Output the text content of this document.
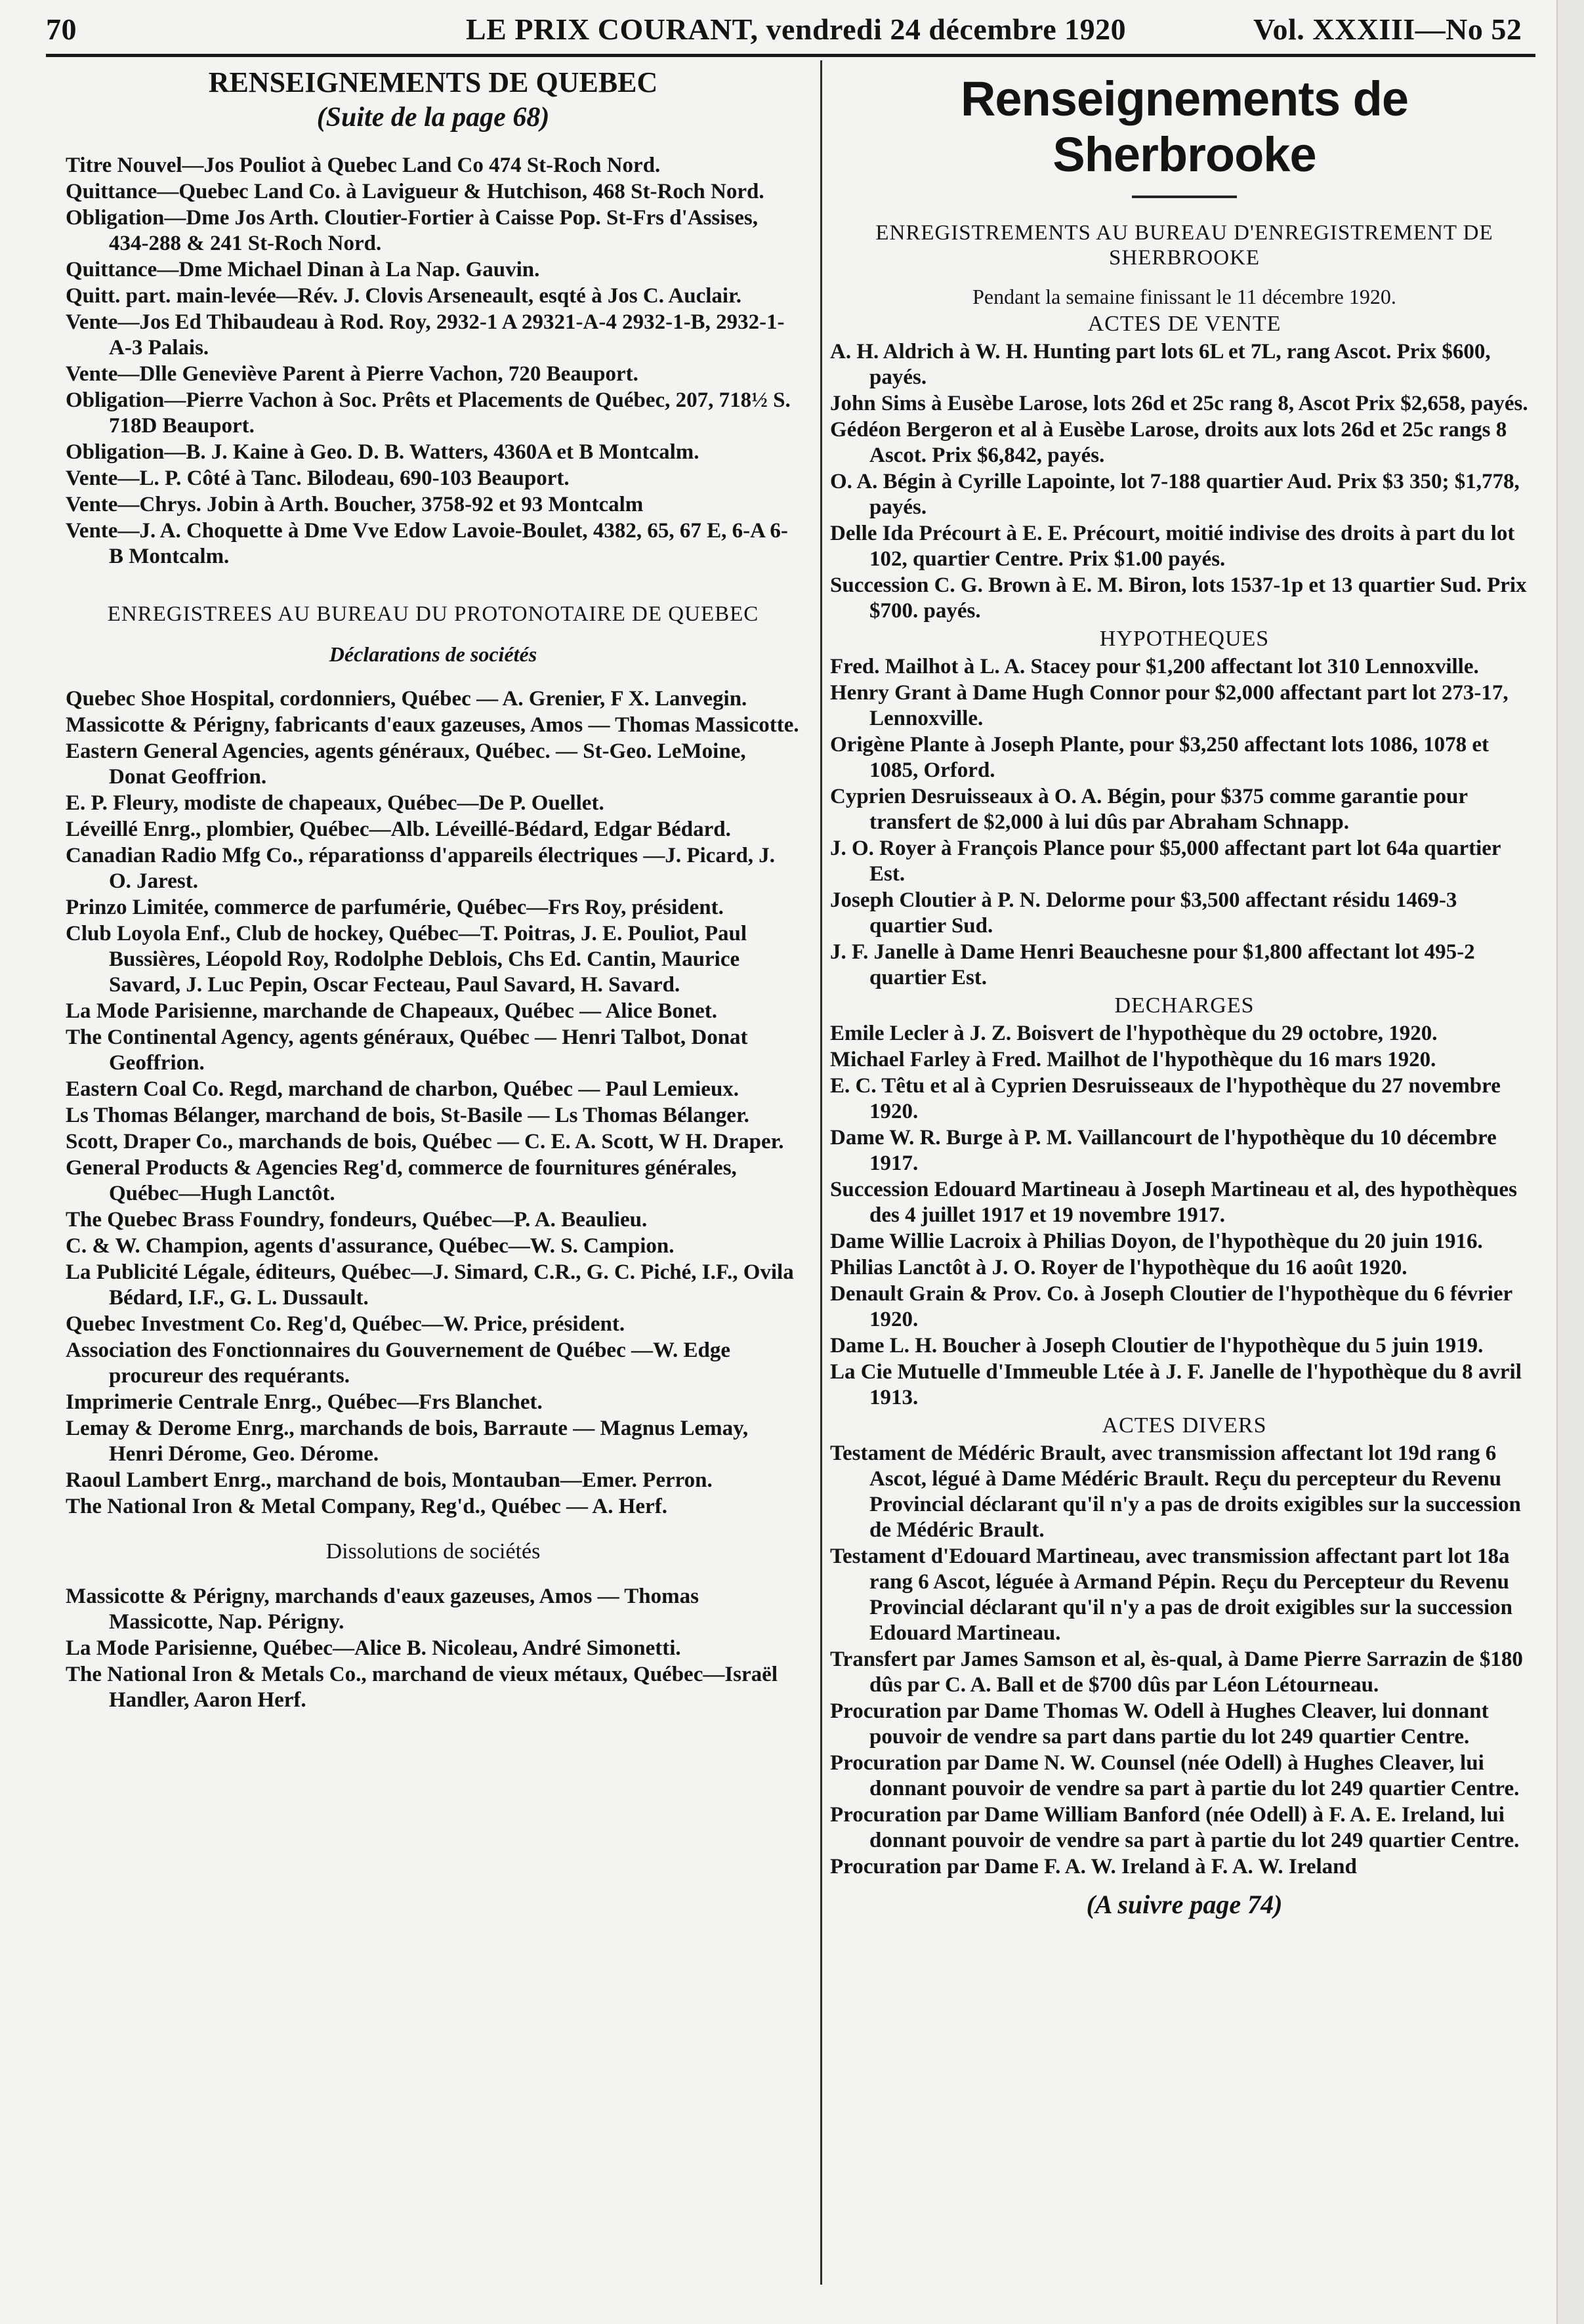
70	LE PRIX COURANT, vendredi 24 décembre 1920	Vol. XXXIII—No 52
RENSEIGNEMENTS DE QUEBEC
(Suite de la page 68)
Titre Nouvel—Jos Pouliot à Quebec Land Co 474 St-Roch Nord.
Quittance—Quebec Land Co. à Lavigueur & Hutchison, 468 St-Roch Nord.
Obligation—Dme Jos Arth. Cloutier-Fortier à Caisse Pop. St-Frs d'Assises, 434-288 & 241 St-Roch Nord.
Quittance—Dme Michael Dinan à La Nap. Gauvin.
Quitt. part. main-levée—Rév. J. Clovis Arseneault, esqté à Jos C. Auclair.
Vente—Jos Ed Thibaudeau à Rod. Roy, 2932-1 A 29321-A-4 2932-1-B, 2932-1-A-3 Palais.
Vente—Dlle Geneviève Parent à Pierre Vachon, 720 Beauport.
Obligation—Pierre Vachon à Soc. Prêts et Placements de Québec, 207, 718½ S. 718D Beauport.
Obligation—B. J. Kaine à Geo. D. B. Watters, 4360A et B Montcalm.
Vente—L. P. Côté à Tanc. Bilodeau, 690-103 Beauport.
Vente—Chrys. Jobin à Arth. Boucher, 3758-92 et 93 Montcalm
Vente—J. A. Choquette à Dme Vve Edow Lavoie-Boulet, 4382, 65, 67 E, 6-A 6-B Montcalm.
ENREGISTREES AU BUREAU DU PROTONOTAIRE DE QUEBEC
Déclarations de sociétés
Quebec Shoe Hospital, cordonniers, Québec — A. Grenier, F X. Lanvegin.
Massicotte & Périgny, fabricants d'eaux gazeuses, Amos — Thomas Massicotte.
Eastern General Agencies, agents généraux, Québec. — St-Geo. LeMoine, Donat Geoffrion.
E. P. Fleury, modiste de chapeaux, Québec—De P. Ouellet.
Léveillé Enrg., plombier, Québec—Alb. Léveillé-Bédard, Edgar Bédard.
Canadian Radio Mfg Co., réparationss d'appareils électriques —J. Picard, J. O. Jarest.
Prinzo Limitée, commerce de parfumérie, Québec—Frs Roy, président.
Club Loyola Enf., Club de hockey, Québec—T. Poitras, J. E. Pouliot, Paul Bussières, Léopold Roy, Rodolphe Deblois, Chs Ed. Cantin, Maurice Savard, J. Luc Pepin, Oscar Fecteau, Paul Savard, H. Savard.
La Mode Parisienne, marchande de Chapeaux, Québec — Alice Bonet.
The Continental Agency, agents généraux, Québec — Henri Talbot, Donat Geoffrion.
Eastern Coal Co. Regd, marchand de charbon, Québec — Paul Lemieux.
Ls Thomas Bélanger, marchand de bois, St-Basile — Ls Thomas Bélanger.
Scott, Draper Co., marchands de bois, Québec — C. E. A. Scott, W H. Draper.
General Products & Agencies Reg'd, commerce de fournitures générales, Québec—Hugh Lanctôt.
The Quebec Brass Foundry, fondeurs, Québec—P. A. Beaulieu.
C. & W. Champion, agents d'assurance, Québec—W. S. Campion.
La Publicité Légale, éditeurs, Québec—J. Simard, C.R., G. C. Piché, I.F., Ovila Bédard, I.F., G. L. Dussault.
Quebec Investment Co. Reg'd, Québec—W. Price, président.
Association des Fonctionnaires du Gouvernement de Québec —W. Edge procureur des requérants.
Imprimerie Centrale Enrg., Québec—Frs Blanchet.
Lemay & Derome Enrg., marchands de bois, Barraute — Magnus Lemay, Henri Dérome, Geo. Dérome.
Raoul Lambert Enrg., marchand de bois, Montauban—Emer. Perron.
The National Iron & Metal Company, Reg'd., Québec — A. Herf.
Dissolutions de sociétés
Massicotte & Périgny, marchands d'eaux gazeuses, Amos — Thomas Massicotte, Nap. Périgny.
La Mode Parisienne, Québec—Alice B. Nicoleau, André Simonetti.
The National Iron & Metals Co., marchand de vieux métaux, Québec—Israël Handler, Aaron Herf.
Renseignements de Sherbrooke
ENREGISTREMENTS AU BUREAU D'ENREGISTREMENT DE SHERBROOKE
Pendant la semaine finissant le 11 décembre 1920.
ACTES DE VENTE
A. H. Aldrich à W. H. Hunting part lots 6L et 7L, rang Ascot. Prix $600, payés.
John Sims à Eusèbe Larose, lots 26d et 25c rang 8, Ascot Prix $2,658, payés.
Gédéon Bergeron et al à Eusèbe Larose, droits aux lots 26d et 25c rangs 8 Ascot. Prix $6,842, payés.
O. A. Bégin à Cyrille Lapointe, lot 7-188 quartier Aud. Prix $3 350; $1,778, payés.
Delle Ida Précourt à E. E. Précourt, moitié indivise des droits à part du lot 102, quartier Centre. Prix $1.00 payés.
Succession C. G. Brown à E. M. Biron, lots 1537-1p et 13 quartier Sud. Prix $700. payés.
HYPOTHEQUES
Fred. Mailhot à L. A. Stacey pour $1,200 affectant lot 310 Lennoxville.
Henry Grant à Dame Hugh Connor pour $2,000 affectant part lot 273-17, Lennoxville.
Origène Plante à Joseph Plante, pour $3,250 affectant lots 1086, 1078 et 1085, Orford.
Cyprien Desruisseaux à O. A. Bégin, pour $375 comme garantie pour transfert de $2,000 à lui dûs par Abraham Schnapp.
J. O. Royer à François Plance pour $5,000 affectant part lot 64a quartier Est.
Joseph Cloutier à P. N. Delorme pour $3,500 affectant résidu 1469-3 quartier Sud.
J. F. Janelle à Dame Henri Beauchesne pour $1,800 affectant lot 495-2 quartier Est.
DECHARGES
Emile Lecler à J. Z. Boisvert de l'hypothèque du 29 octobre, 1920.
Michael Farley à Fred. Mailhot de l'hypothèque du 16 mars 1920.
E. C. Têtu et al à Cyprien Desruisseaux de l'hypothèque du 27 novembre 1920.
Dame W. R. Burge à P. M. Vaillancourt de l'hypothèque du 10 décembre 1917.
Succession Edouard Martineau à Joseph Martineau et al, des hypothèques des 4 juillet 1917 et 19 novembre 1917.
Dame Willie Lacroix à Philias Doyon, de l'hypothèque du 20 juin 1916.
Philias Lanctôt à J. O. Royer de l'hypothèque du 16 août 1920.
Denault Grain & Prov. Co. à Joseph Cloutier de l'hypothèque du 6 février 1920.
Dame L. H. Boucher à Joseph Cloutier de l'hypothèque du 5 juin 1919.
La Cie Mutuelle d'Immeuble Ltée à J. F. Janelle de l'hypothèque du 8 avril 1913.
ACTES DIVERS
Testament de Médéric Brault, avec transmission affectant lot 19d rang 6 Ascot, légué à Dame Médéric Brault. Reçu du percepteur du Revenu Provincial déclarant qu'il n'y a pas de droits exigibles sur la succession de Médéric Brault.
Testament d'Edouard Martineau, avec transmission affectant part lot 18a rang 6 Ascot, léguée à Armand Pépin. Reçu du Percepteur du Revenu Provincial déclarant qu'il n'y a pas de droit exigibles sur la succession Edouard Martineau.
Transfert par James Samson et al, ès-qual, à Dame Pierre Sarrazin de $180 dûs par C. A. Ball et de $700 dûs par Léon Létourneau.
Procuration par Dame Thomas W. Odell à Hughes Cleaver, lui donnant pouvoir de vendre sa part dans partie du lot 249 quartier Centre.
Procuration par Dame N. W. Counsel (née Odell) à Hughes Cleaver, lui donnant pouvoir de vendre sa part à partie du lot 249 quartier Centre.
Procuration par Dame William Banford (née Odell) à F. A. E. Ireland, lui donnant pouvoir de vendre sa part à partie du lot 249 quartier Centre.
Procuration par Dame F. A. W. Ireland à F. A. W. Ireland
(A suivre page 74)
